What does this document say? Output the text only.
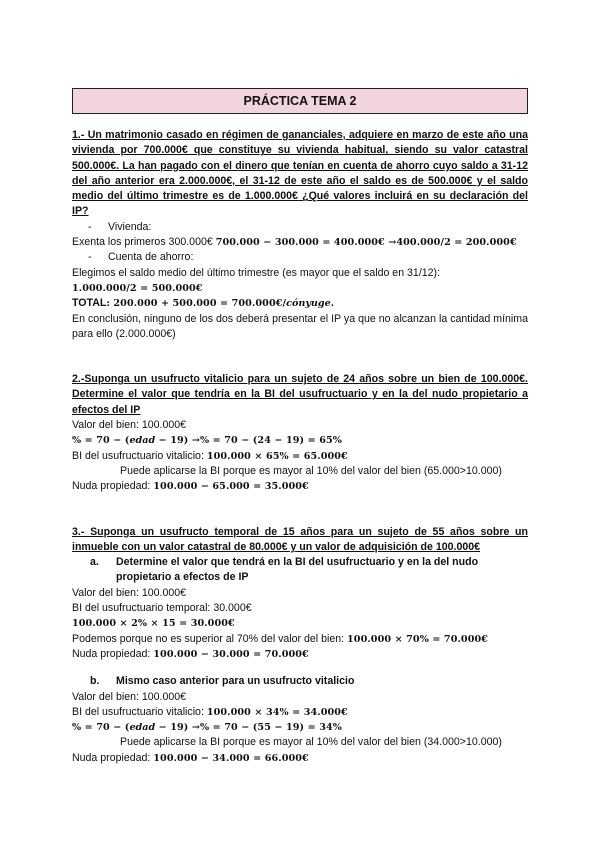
PRÁCTICA TEMA 2
1.- Un matrimonio casado en régimen de gananciales, adquiere en marzo de este año una vivienda por 700.000€ que constituye su vivienda habitual, siendo su valor catastral 500.000€. La han pagado con el dinero que tenían en cuenta de ahorro cuyo saldo a 31-12 del año anterior era 2.000.000€, el 31-12 de este año el saldo es de 500.000€ y el saldo medio del último trimestre es de 1.000.000€ ¿Qué valores incluirá en su declaración del IP?
-	Vivienda:
Exenta los primeros 300.000€ 700.000 − 300.000 = 400.000€ →400.000/2 = 200.000€
-	Cuenta de ahorro:
Elegimos el saldo medio del último trimestre (es mayor que el saldo en 31/12):
1.000.000/2 = 500.000€
TOTAL: 200.000 + 500.000 = 700.000€/cónyuge.
En conclusión, ninguno de los dos deberá presentar el IP ya que no alcanzan la cantidad mínima para ello (2.000.000€)
2.-Suponga un usufructo vitalicio para un sujeto de 24 años sobre un bien de 100.000€. Determine el valor que tendría en la BI del usufructuario y en la del nudo propietario a efectos del IP
Valor del bien: 100.000€
% = 70 − (edad − 19) →% = 70 − (24 − 19) = 65%
BI del usufructuario vitalicio: 100.000 × 65% = 65.000€
Puede aplicarse la BI porque es mayor al 10% del valor del bien (65.000>10.000)
Nuda propiedad: 100.000 − 65.000 = 35.000€
3.- Suponga un usufructo temporal de 15 años para un sujeto de 55 años sobre un inmueble con un valor catastral de 80.000€ y un valor de adquisición de 100.000€
a.	Determine el valor que tendrá en la BI del usufructuario y en la del nudo propietario a efectos de IP
Valor del bien: 100.000€
BI del usufructuario temporal: 30.000€
100.000 × 2% × 15 = 30.000€
Podemos porque no es superior al 70% del valor del bien: 100.000 × 70% = 70.000€
Nuda propiedad: 100.000 − 30.000 = 70.000€
b.	Mismo caso anterior para un usufructo vitalicio
Valor del bien: 100.000€
BI del usufructuario vitalicio: 100.000 × 34% = 34.000€
% = 70 − (edad − 19) →% = 70 − (55 − 19) = 34%
Puede aplicarse la BI porque es mayor al 10% del valor del bien (34.000>10.000)
Nuda propiedad: 100.000 − 34.000 = 66.000€
